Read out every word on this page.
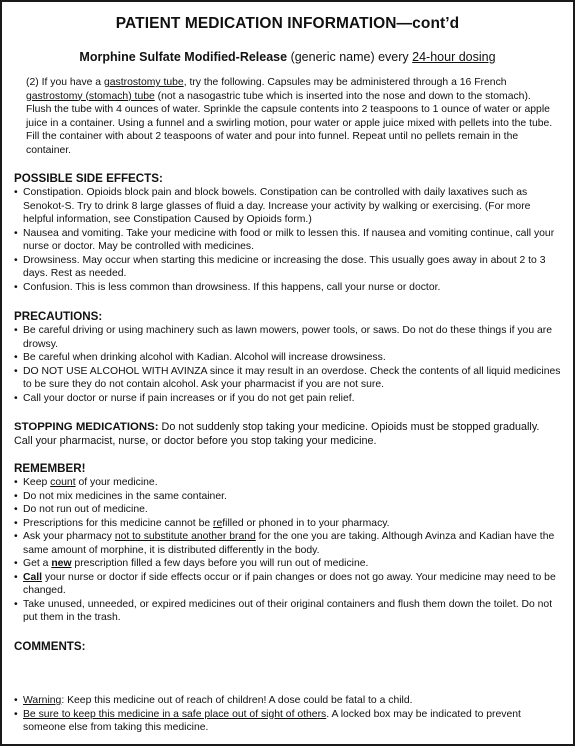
PATIENT MEDICATION INFORMATION—cont’d
Morphine Sulfate Modified-Release (generic name) every 24-hour dosing
(2) If you have a gastrostomy tube, try the following. Capsules may be administered through a 16 French gastrostomy (stomach) tube (not a nasogastric tube which is inserted into the nose and down to the stomach). Flush the tube with 4 ounces of water. Sprinkle the capsule contents into 2 teaspoons to 1 ounce of water or apple juice in a container. Using a funnel and a swirling motion, pour water or apple juice mixed with pellets into the tube. Fill the container with about 2 teaspoons of water and pour into funnel. Repeat until no pellets remain in the container.
POSSIBLE SIDE EFFECTS:
• Constipation. Opioids block pain and block bowels. Constipation can be controlled with daily laxatives such as Senokot-S. Try to drink 8 large glasses of fluid a day. Increase your activity by walking or exercising. (For more helpful information, see Constipation Caused by Opioids form.)
• Nausea and vomiting. Take your medicine with food or milk to lessen this. If nausea and vomiting continue, call your nurse or doctor. May be controlled with medicines.
• Drowsiness. May occur when starting this medicine or increasing the dose. This usually goes away in about 2 to 3 days. Rest as needed.
• Confusion. This is less common than drowsiness. If this happens, call your nurse or doctor.
PRECAUTIONS:
• Be careful driving or using machinery such as lawn mowers, power tools, or saws. Do not do these things if you are drowsy.
• Be careful when drinking alcohol with Kadian. Alcohol will increase drowsiness.
• DO NOT USE ALCOHOL WITH AVINZA since it may result in an overdose. Check the contents of all liquid medicines to be sure they do not contain alcohol. Ask your pharmacist if you are not sure.
• Call your doctor or nurse if pain increases or if you do not get pain relief.
STOPPING MEDICATIONS: Do not suddenly stop taking your medicine. Opioids must be stopped gradually. Call your pharmacist, nurse, or doctor before you stop taking your medicine.
REMEMBER!
• Keep count of your medicine.
• Do not mix medicines in the same container.
• Do not run out of medicine.
• Prescriptions for this medicine cannot be refilled or phoned in to your pharmacy.
• Ask your pharmacy not to substitute another brand for the one you are taking. Although Avinza and Kadian have the same amount of morphine, it is distributed differently in the body.
• Get a new prescription filled a few days before you will run out of medicine.
• Call your nurse or doctor if side effects occur or if pain changes or does not go away. Your medicine may need to be changed.
• Take unused, unneeded, or expired medicines out of their original containers and flush them down the toilet. Do not put them in the trash.
COMMENTS:
• Warning: Keep this medicine out of reach of children! A dose could be fatal to a child.
• Be sure to keep this medicine in a safe place out of sight of others. A locked box may be indicated to prevent someone else from taking this medicine.
